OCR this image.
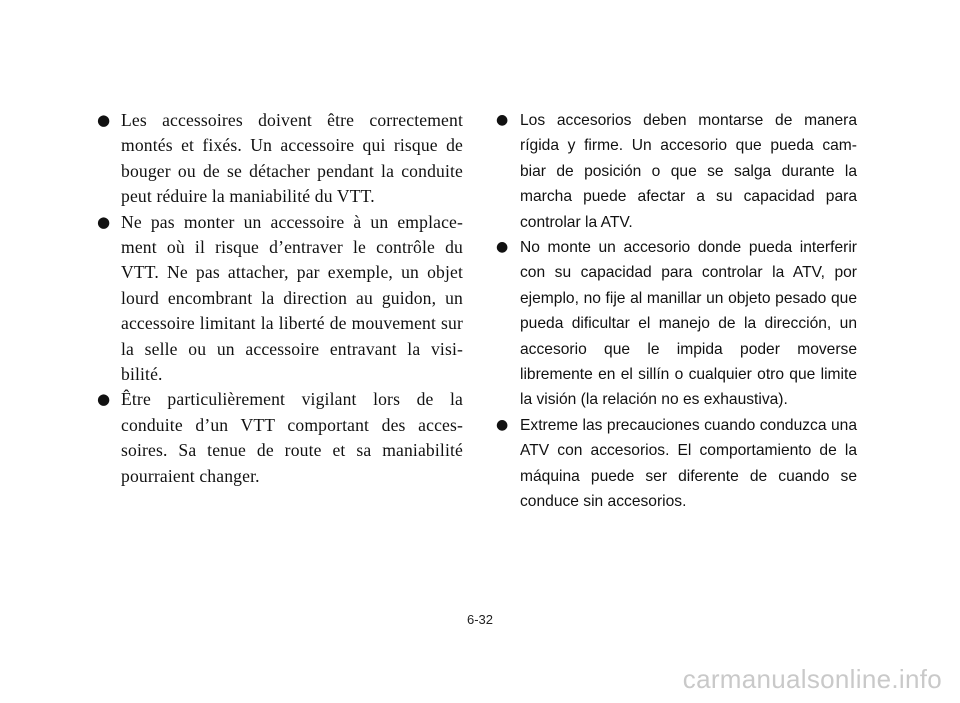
● Les accessoires doivent être correctement montés et fixés. Un accessoire qui risque de bouger ou de se détacher pendant la conduite peut réduire la maniabilité du VTT.
● Ne pas monter un accessoire à un emplace- ment où il risque d’entraver le contrôle du VTT. Ne pas attacher, par exemple, un objet lourd encombrant la direction au guidon, un accessoire limitant la liberté de mouvement sur la selle ou un accessoire entravant la visi- bilité.
● Être particulièrement vigilant lors de la conduite d’un VTT comportant des acces- soires. Sa tenue de route et sa maniabilité pourraient changer.
● Los accesorios deben montarse de manera rígida y firme. Un accesorio que pueda cam- biar de posición o que se salga durante la marcha puede afectar a su capacidad para controlar la ATV.
● No monte un accesorio donde pueda interferir con su capacidad para controlar la ATV, por ejemplo, no fije al manillar un objeto pesado que pueda dificultar el manejo de la dirección, un accesorio que le impida poder moverse libremente en el sillín o cualquier otro que limite la visión (la relación no es exhaustiva).
● Extreme las precauciones cuando conduzca una ATV con accesorios. El comportamiento de la máquina puede ser diferente de cuando se conduce sin accesorios.
6-32
carmanualsonline.info
